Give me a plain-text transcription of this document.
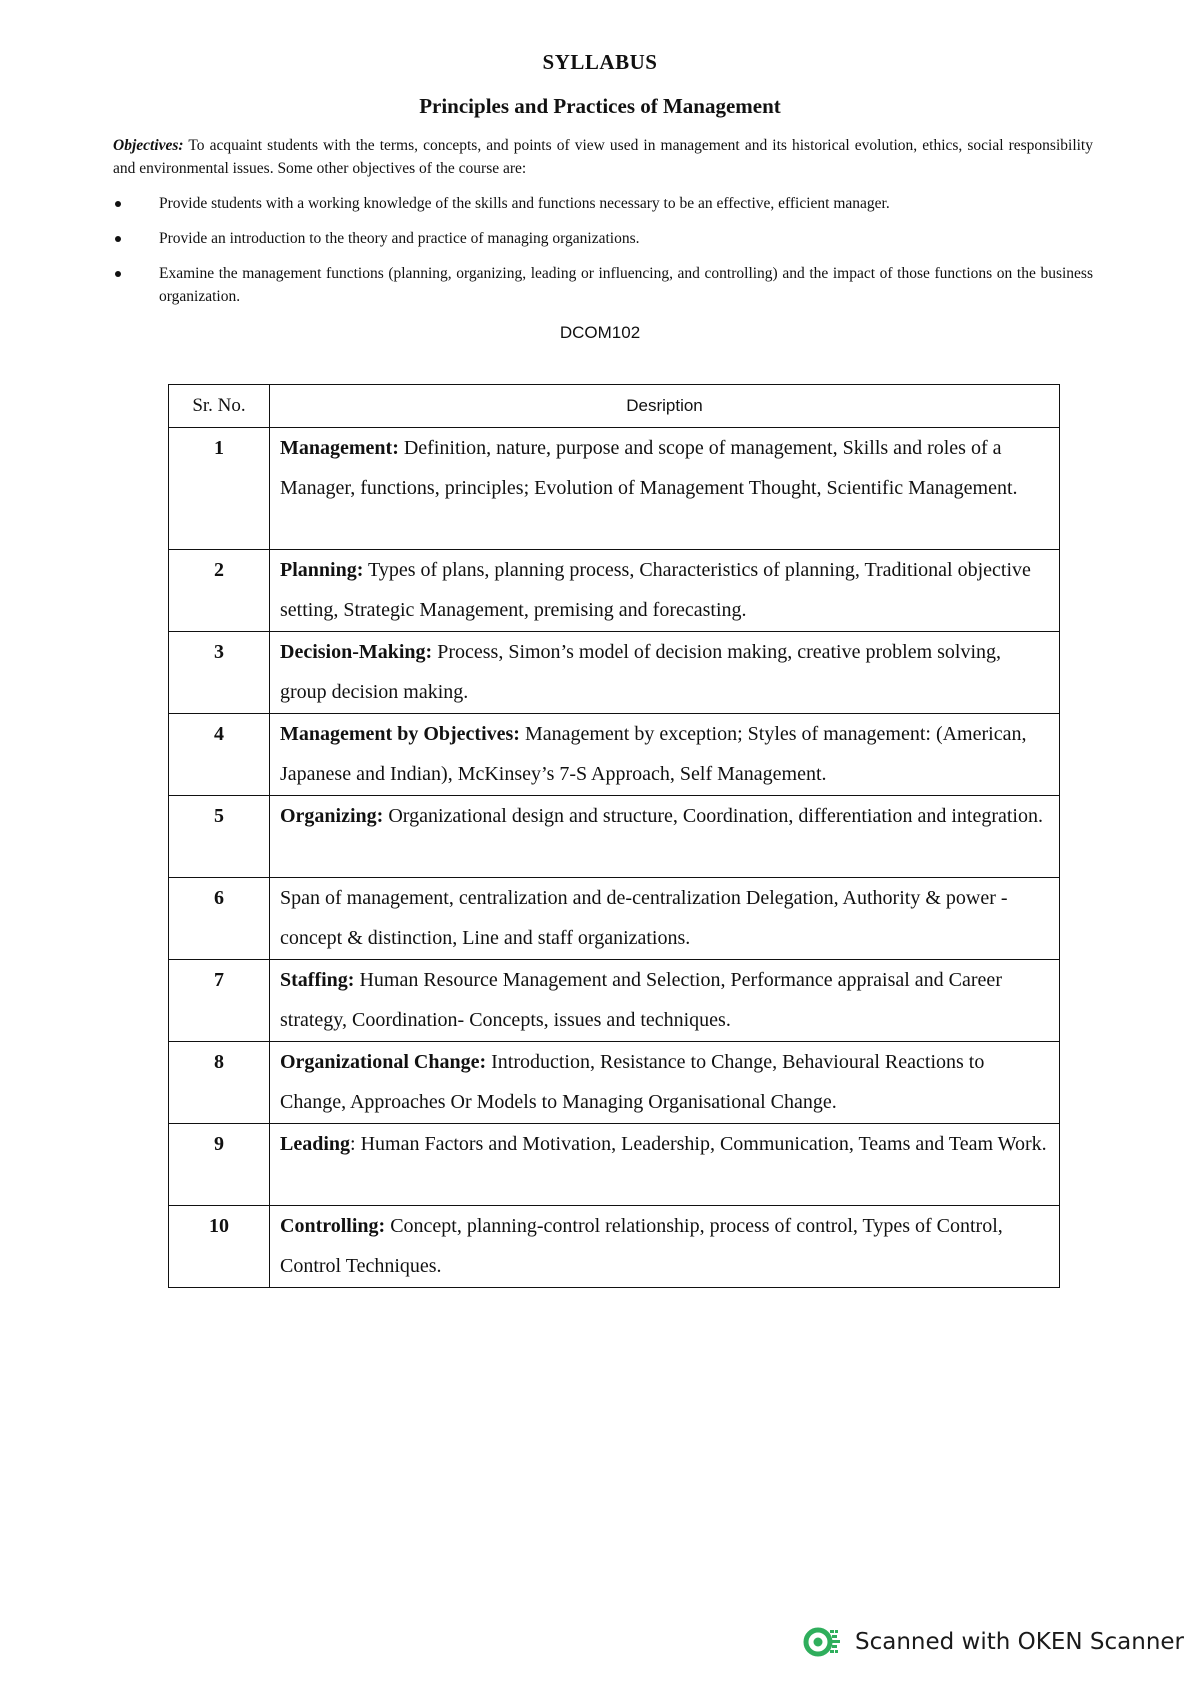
SYLLABUS
Principles and Practices of Management
Objectives: To acquaint students with the terms, concepts, and points of view used in management and its historical evolution, ethics, social responsibility and environmental issues. Some other objectives of the course are:
Provide students with a working knowledge of the skills and functions necessary to be an effective, efficient manager.
Provide an introduction to the theory and practice of managing organizations.
Examine the management functions (planning, organizing, leading or influencing, and controlling) and the impact of those functions on the business organization.
DCOM102
Sr. No.	Desription
1	Management: Definition, nature, purpose and scope of management, Skills and roles of a Manager, functions, principles; Evolution of Management Thought, Scientific Management.
2	Planning: Types of plans, planning process, Characteristics of planning, Traditional objective setting, Strategic Management, premising and forecasting.
3	Decision-Making: Process, Simon’s model of decision making, creative problem solving, group decision making.
4	Management by Objectives: Management by exception; Styles of management: (American, Japanese and Indian), McKinsey’s 7-S Approach, Self Management.
5	Organizing: Organizational design and structure, Coordination, differentiation and integration.
6	Span of management, centralization and de-centralization Delegation, Authority & power - concept & distinction, Line and staff organizations.
7	Staffing: Human Resource Management and Selection, Performance appraisal and Career strategy, Coordination- Concepts, issues and techniques.
8	Organizational Change: Introduction, Resistance to Change, Behavioural Reactions to Change, Approaches Or Models to Managing Organisational Change.
9	Leading: Human Factors and Motivation, Leadership, Communication, Teams and Team Work.
10	Controlling: Concept, planning-control relationship, process of control, Types of Control, Control Techniques.
Scanned with OKEN Scanner
